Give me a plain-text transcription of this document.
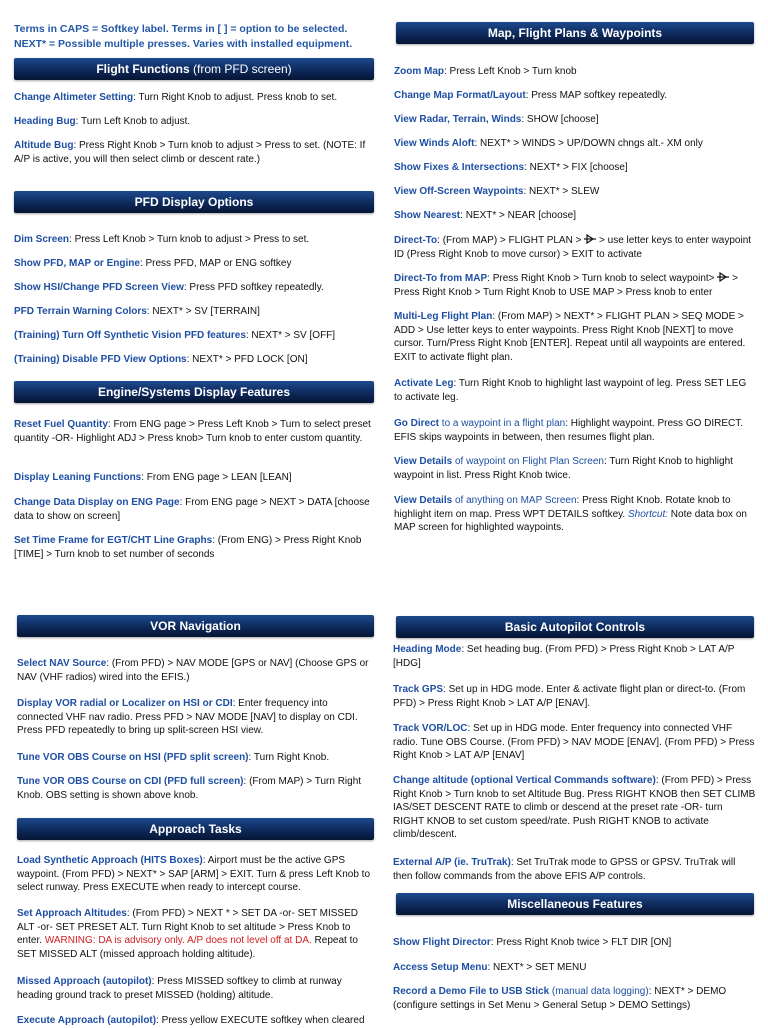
Terms in CAPS = Softkey label. Terms in [ ] = option to be selected.
NEXT* = Possible multiple presses. Varies with installed equipment.
Flight Functions (from PFD screen)

Change Altimeter Setting: Turn Right Knob to adjust. Press knob to set.

Heading Bug: Turn Left Knob to adjust.

Altitude Bug: Press Right Knob > Turn knob to adjust > Press to set. (NOTE: If A/P is active, you will then select climb or descent rate.)

PFD Display Options

Dim Screen: Press Left Knob > Turn knob to adjust > Press to set.

Show PFD, MAP or Engine: Press PFD, MAP or ENG softkey

Show HSI/Change PFD Screen View: Press PFD softkey repeatedly.

PFD Terrain Warning Colors: NEXT* > SV [TERRAIN]

(Training) Turn Off Synthetic Vision PFD features: NEXT* > SV [OFF]

(Training) Disable PFD View Options: NEXT* > PFD LOCK [ON]

Engine/Systems Display Features

Reset Fuel Quantity: From ENG page > Press Left Knob > Turn to select preset quantity -OR- Highlight ADJ > Press knob> Turn knob to enter custom quantity.

Display Leaning Functions: From ENG page > LEAN [LEAN]

Change Data Display on ENG Page: From ENG page > NEXT > DATA [choose data to show on screen]

Set Time Frame for EGT/CHT Line Graphs: (From ENG) > Press Right Knob [TIME] > Turn knob to set number of seconds

VOR Navigation

Select NAV Source: (From PFD) > NAV MODE [GPS or NAV] (Choose GPS or NAV (VHF radios) wired into the EFIS.)

Display VOR radial or Localizer on HSI or CDI: Enter frequency into connected VHF nav radio. Press PFD > NAV MODE [NAV] to display on CDI. Press PFD repeatedly to bring up split-screen HSI view.

Tune VOR OBS Course on HSI (PFD split screen): Turn Right Knob.

Tune VOR OBS Course on CDI (PFD full screen): (From MAP) > Turn Right Knob. OBS setting is shown above knob.

Approach Tasks

Load Synthetic Approach (HITS Boxes): Airport must be the active GPS waypoint. (From PFD) > NEXT* > SAP [ARM] > EXIT. Turn & press Left Knob to select runway. Press EXECUTE when ready to intercept course.

Set Approach Altitudes: (From PFD) > NEXT * > SET DA -or- SET MISSED ALT -or- SET PRESET ALT. Turn Right Knob to set altitude > Press Knob to enter. WARNING: DA is advisory only. A/P does not level off at DA. Repeat to SET MISSED ALT (missed approach holding altitude).

Missed Approach (autopilot): Press MISSED softkey to climb at runway heading ground track to preset MISSED (holding) altitude.

Execute Approach (autopilot): Press yellow EXECUTE softkey when cleared

Map, Flight Plans & Waypoints

Zoom Map: Press Left Knob > Turn knob

Change Map Format/Layout: Press MAP softkey repeatedly.

View Radar, Terrain, Winds: SHOW [choose]

View Winds Aloft: NEXT* > WINDS > UP/DOWN chngs alt.- XM only

Show Fixes & Intersections: NEXT* > FIX [choose]

View Off-Screen Waypoints: NEXT* > SLEW

Show Nearest: NEXT* > NEAR [choose]

Direct-To: (From MAP) > FLIGHT PLAN >  > use letter keys to enter waypoint ID (Press Right Knob to move cursor) > EXIT to activate

Direct-To from MAP: Press Right Knob > Turn knob to select waypoint>  > Press Right Knob > Turn Right Knob to USE MAP > Press knob to enter

Multi-Leg Flight Plan: (From MAP) > NEXT* > FLIGHT PLAN > SEQ MODE > ADD > Use letter keys to enter waypoints. Press Right Knob [NEXT] to move cursor. Turn/Press Right Knob [ENTER]. Repeat until all waypoints are entered. EXIT to activate flight plan.

Activate Leg: Turn Right Knob to highlight last waypoint of leg. Press SET LEG to activate leg.

Go Direct to a waypoint in a flight plan: Highlight waypoint. Press GO DIRECT. EFIS skips waypoints in between, then resumes flight plan.

View Details of waypoint on Flight Plan Screen: Turn Right Knob to highlight waypoint in list. Press Right Knob twice.

View Details of anything on MAP Screen: Press Right Knob. Rotate knob to highlight item on map. Press WPT DETAILS softkey. Shortcut: Note data box on MAP screen for highlighted waypoints.

Basic Autopilot Controls

Heading Mode: Set heading bug. (From PFD) > Press Right Knob > LAT A/P [HDG]

Track GPS: Set up in HDG mode. Enter & activate flight plan or direct-to. (From PFD) > Press Right Knob > LAT A/P [ENAV].

Track VOR/LOC: Set up in HDG mode. Enter frequency into connected VHF radio. Tune OBS Course. (From PFD) > NAV MODE [ENAV]. (From PFD) > Press Right Knob > LAT A/P [ENAV]

Change altitude (optional Vertical Commands software): (From PFD) > Press Right Knob > Turn knob to set Altitude Bug. Press RIGHT KNOB then SET CLIMB IAS/SET DESCENT RATE to climb or descend at the preset rate -OR- turn RIGHT KNOB to set custom speed/rate. Push RIGHT KNOB to activate climb/descent.

External A/P (ie. TruTrak): Set TruTrak mode to GPSS or GPSV. TruTrak will then follow commands from the above EFIS A/P controls.

Miscellaneous Features

Show Flight Director: Press Right Knob twice > FLT DIR [ON]

Access Setup Menu: NEXT* > SET MENU

Record a Demo File to USB Stick (manual data logging): NEXT* > DEMO (configure settings in Set Menu > General Setup > DEMO Settings)
